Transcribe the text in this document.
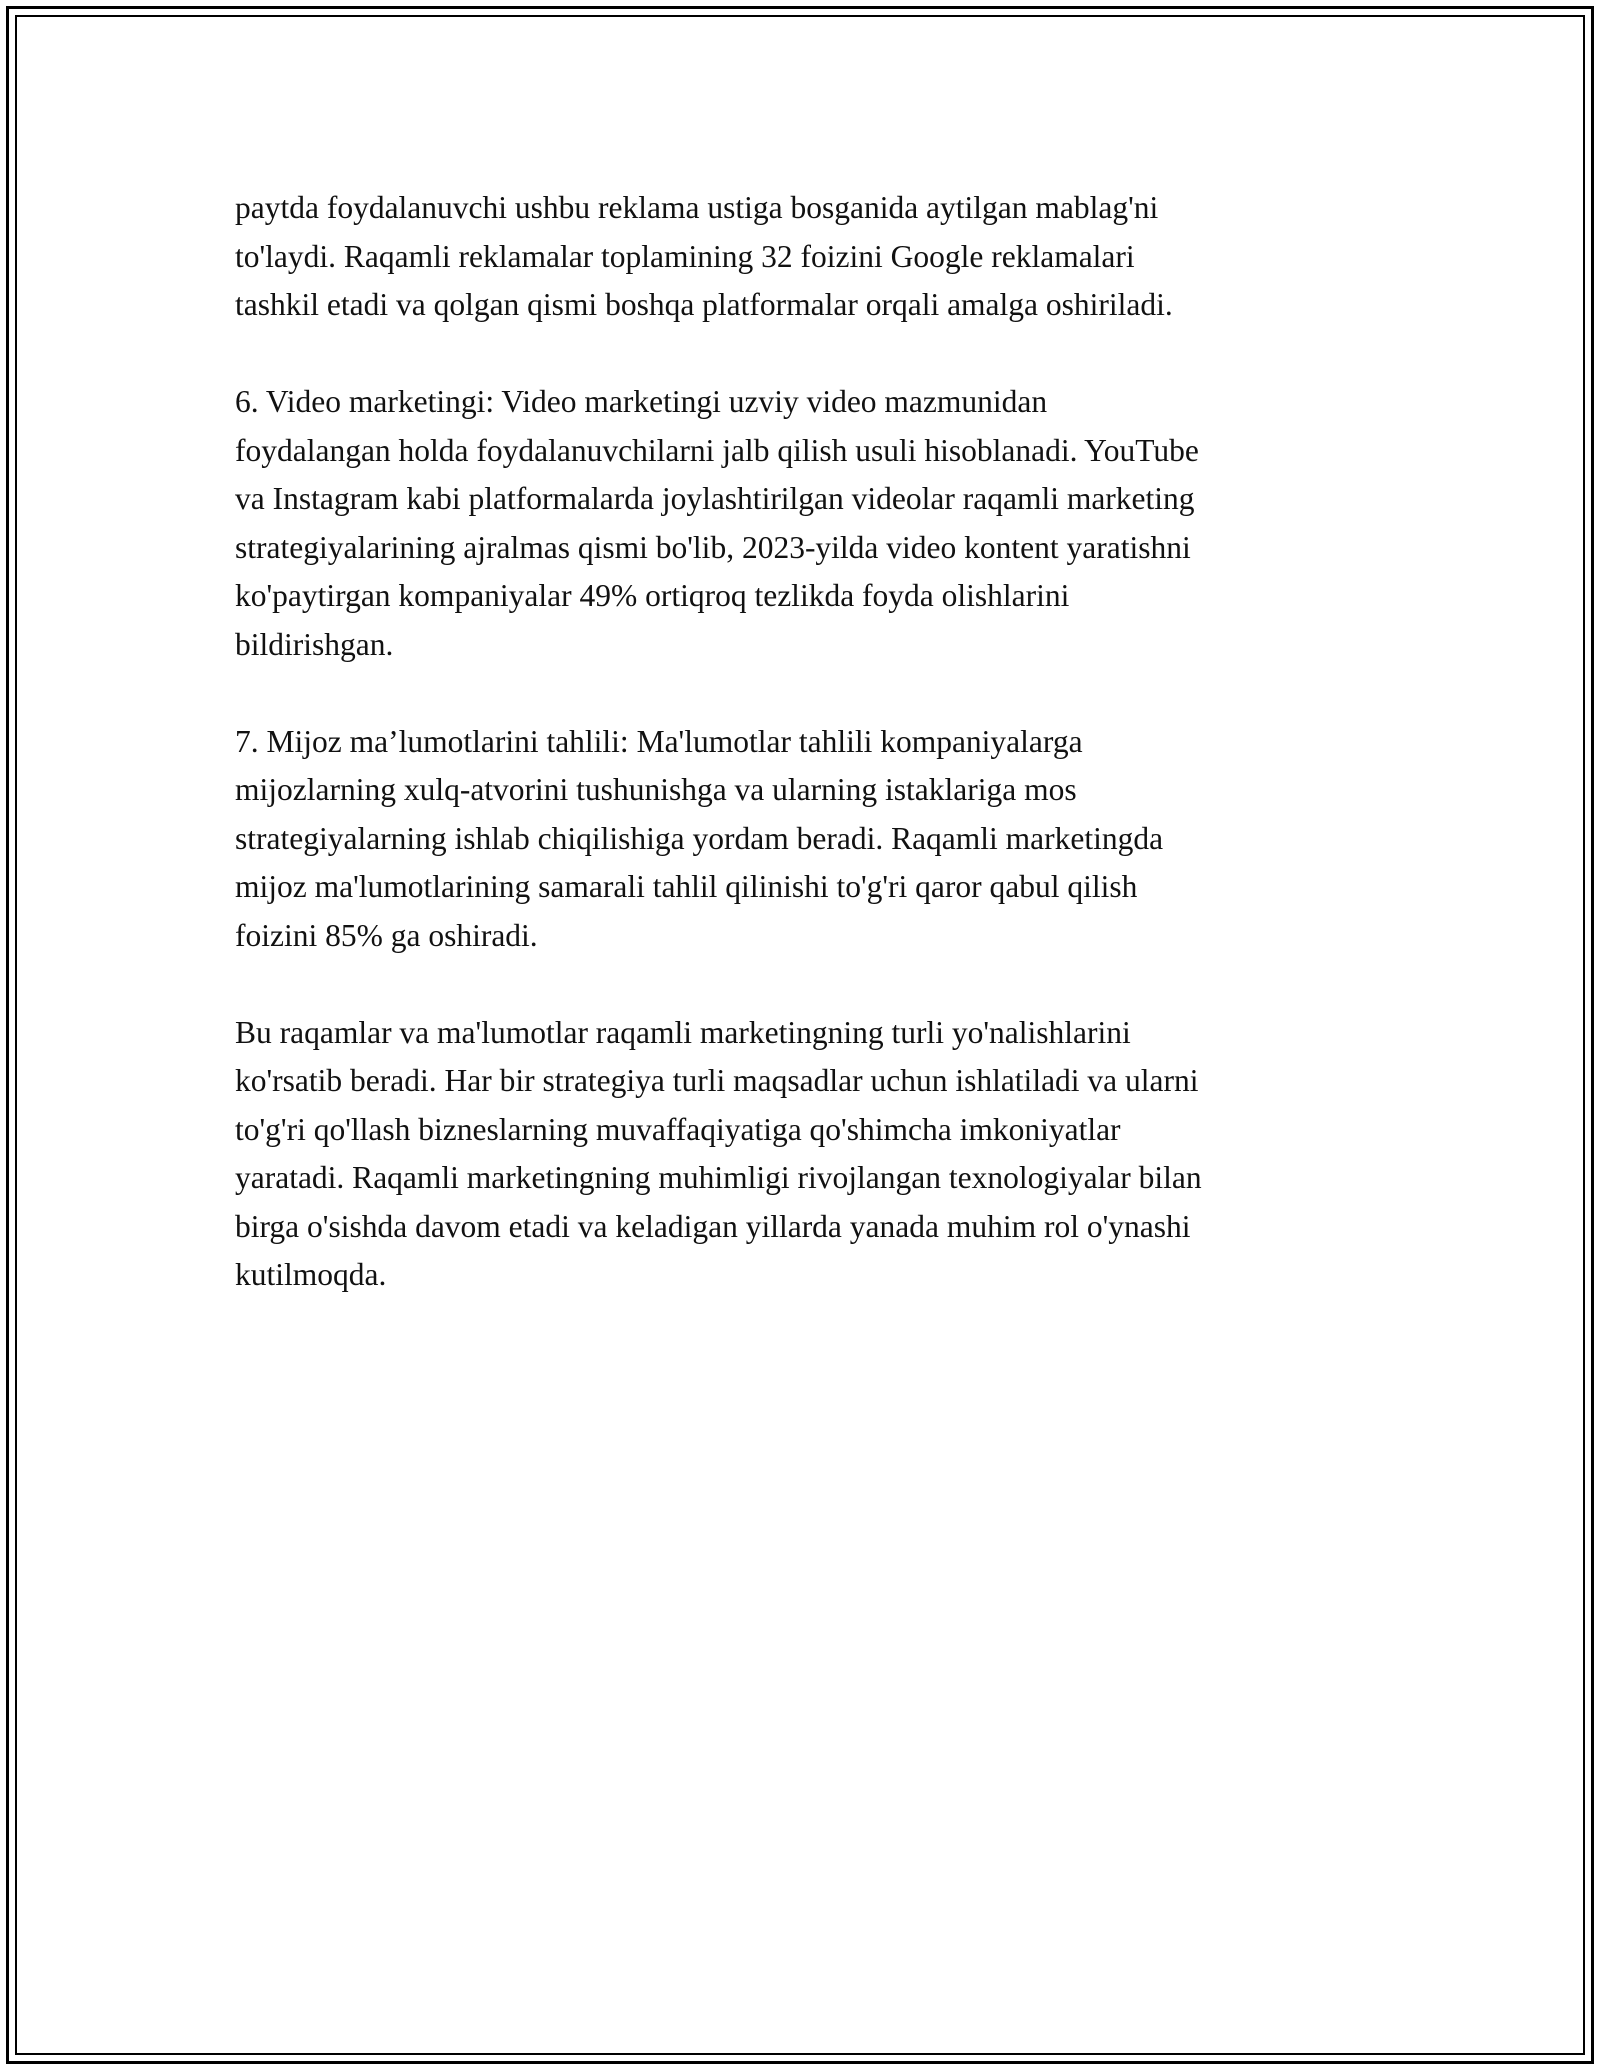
paytda foydalanuvchi ushbu reklama ustiga bosganida aytilgan mablag'ni
to'laydi. Raqamli reklamalar toplamining 32 foizini Google reklamalari
tashkil etadi va qolgan qismi boshqa platformalar orqali amalga oshiriladi.

6. Video marketingi: Video marketingi uzviy video mazmunidan
foydalangan holda foydalanuvchilarni jalb qilish usuli hisoblanadi. YouTube
va Instagram kabi platformalarda joylashtirilgan videolar raqamli marketing
strategiyalarining ajralmas qismi bo'lib, 2023-yilda video kontent yaratishni
ko'paytirgan kompaniyalar 49% ortiqroq tezlikda foyda olishlarini
bildirishgan.

7. Mijoz ma’lumotlarini tahlili: Ma'lumotlar tahlili kompaniyalarga
mijozlarning xulq-atvorini tushunishga va ularning istaklariga mos
strategiyalarning ishlab chiqilishiga yordam beradi. Raqamli marketingda
mijoz ma'lumotlarining samarali tahlil qilinishi to'g'ri qaror qabul qilish
foizini 85% ga oshiradi.

Bu raqamlar va ma'lumotlar raqamli marketingning turli yo'nalishlarini
ko'rsatib beradi. Har bir strategiya turli maqsadlar uchun ishlatiladi va ularni
to'g'ri qo'llash bizneslarning muvaffaqiyatiga qo'shimcha imkoniyatlar
yaratadi. Raqamli marketingning muhimligi rivojlangan texnologiyalar bilan
birga o'sishda davom etadi va keladigan yillarda yanada muhim rol o'ynashi
kutilmoqda.
